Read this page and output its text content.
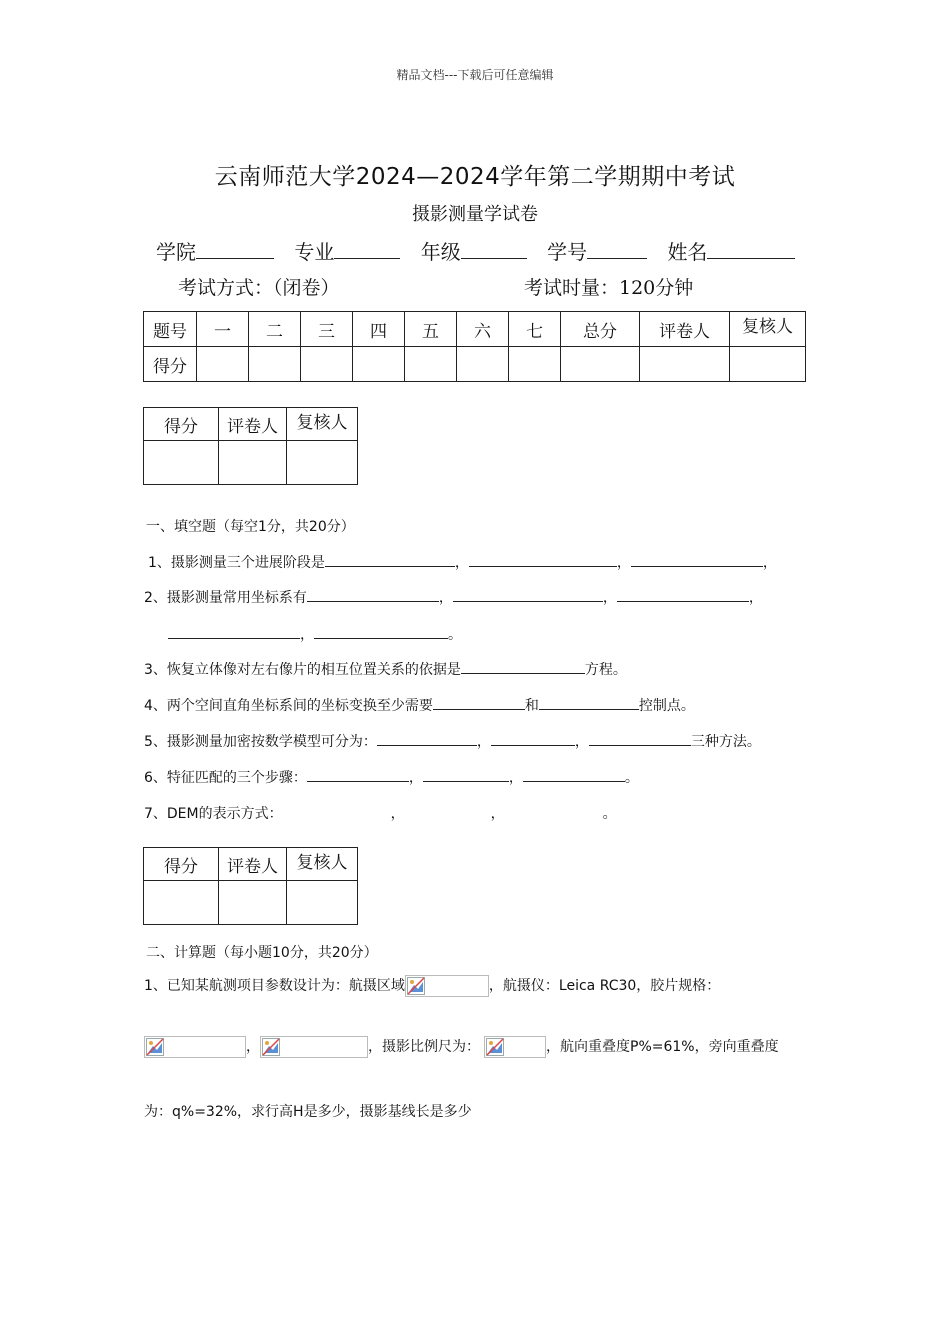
精品文档---下载后可任意编辑
云南师范大学2024—2024学年第二学期期中考试
摄影测量学试卷
学院	专业	年级	学号	姓名
考试方式：（闭卷）	考试时量：120分钟
题号	一	二	三	四	五	六	七	总分	评卷人	复核人
得分										
得分	评卷人	复核人

一、填空题（每空1分，共20分）
1、摄影测量三个进展阶段是	，	，	，
2、摄影测量常用坐标系有	，	，	，
，	。
3、恢复立体像对左右像片的相互位置关系的依据是	方程。
4、两个空间直角坐标系间的坐标变换至少需要	和	控制点。
5、摄影测量加密按数学模型可分为：	，	，	三种方法。
6、特征匹配的三个步骤：	，	，	。
7、DEM的表示方式：	，	，	。
得分	评卷人	复核人

二、计算题（每小题10分，共20分）
1、已知某航测项目参数设计为：航摄区域	，航摄仪：Leica RC30，胶片规格：
，	，摄影比例尺为：	，航向重叠度P%=61%，旁向重叠度
为：q%=32%，求行高H是多少，摄影基线长是多少
